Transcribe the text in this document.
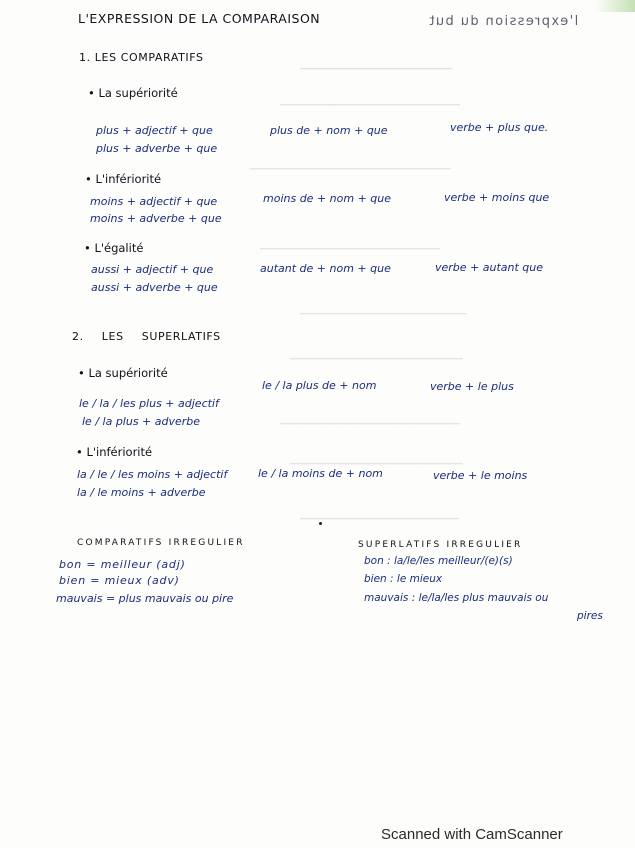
▁▁▁▁▁▁▁▁▁▁▁▁▁▁▁▁▁▁▁▁▁▁
▁▁▁▁▁▁▁▁▁▁▁▁▁▁▁▁▁▁▁▁▁▁▁▁▁▁
▁▁▁▁▁▁▁▁▁▁▁▁▁▁▁▁▁▁▁▁▁▁▁▁▁▁▁▁▁
▁▁▁▁▁▁▁▁▁▁▁▁▁▁▁▁▁▁▁▁▁▁▁▁▁▁
▁▁▁▁▁▁▁▁▁▁▁▁▁▁▁▁▁▁▁▁▁▁▁▁
▁▁▁▁▁▁▁▁▁▁▁▁▁▁▁▁▁▁▁▁▁▁▁▁▁
▁▁▁▁▁▁▁▁▁▁▁▁▁▁▁▁▁▁▁▁▁▁▁▁▁▁
▁▁▁▁▁▁▁▁▁▁▁▁▁▁▁▁▁▁▁▁▁▁▁▁▁
▁▁▁▁▁▁▁▁▁▁▁▁▁▁▁▁▁▁▁▁▁▁▁
l'expression du but
L'EXPRESSION DE LA COMPARAISON
1. LES COMPARATIFS
• La supériorité
plus + adjectif + que
plus + adverbe + que
plus de + nom + que	verbe + plus que.
• L'infériorité
moins + adjectif + que
moins + adverbe + que
moins de + nom + que	verbe + moins que
• L'égalité
aussi + adjectif + que
aussi + adverbe + que
autant de + nom + que	verbe + autant que
2. LES SUPERLATIFS
• La supériorité
le / la plus de + nom	verbe + le plus
le / la / les plus + adjectif
le / la plus + adverbe
• L'infériorité
la / le / les moins + adjectif
la / le moins + adverbe
le / la moins de + nom	verbe + le moins
COMPARATIFS IRREGULIER
bon = meilleur (adj)
bien = mieux (adv)
mauvais = plus mauvais ou pire
SUPERLATIFS IRREGULIER
bon : la/le/les meilleur/(e)(s)
bien : le mieux
mauvais : le/la/les plus mauvais ou
pires
Scanned with CamScanner
